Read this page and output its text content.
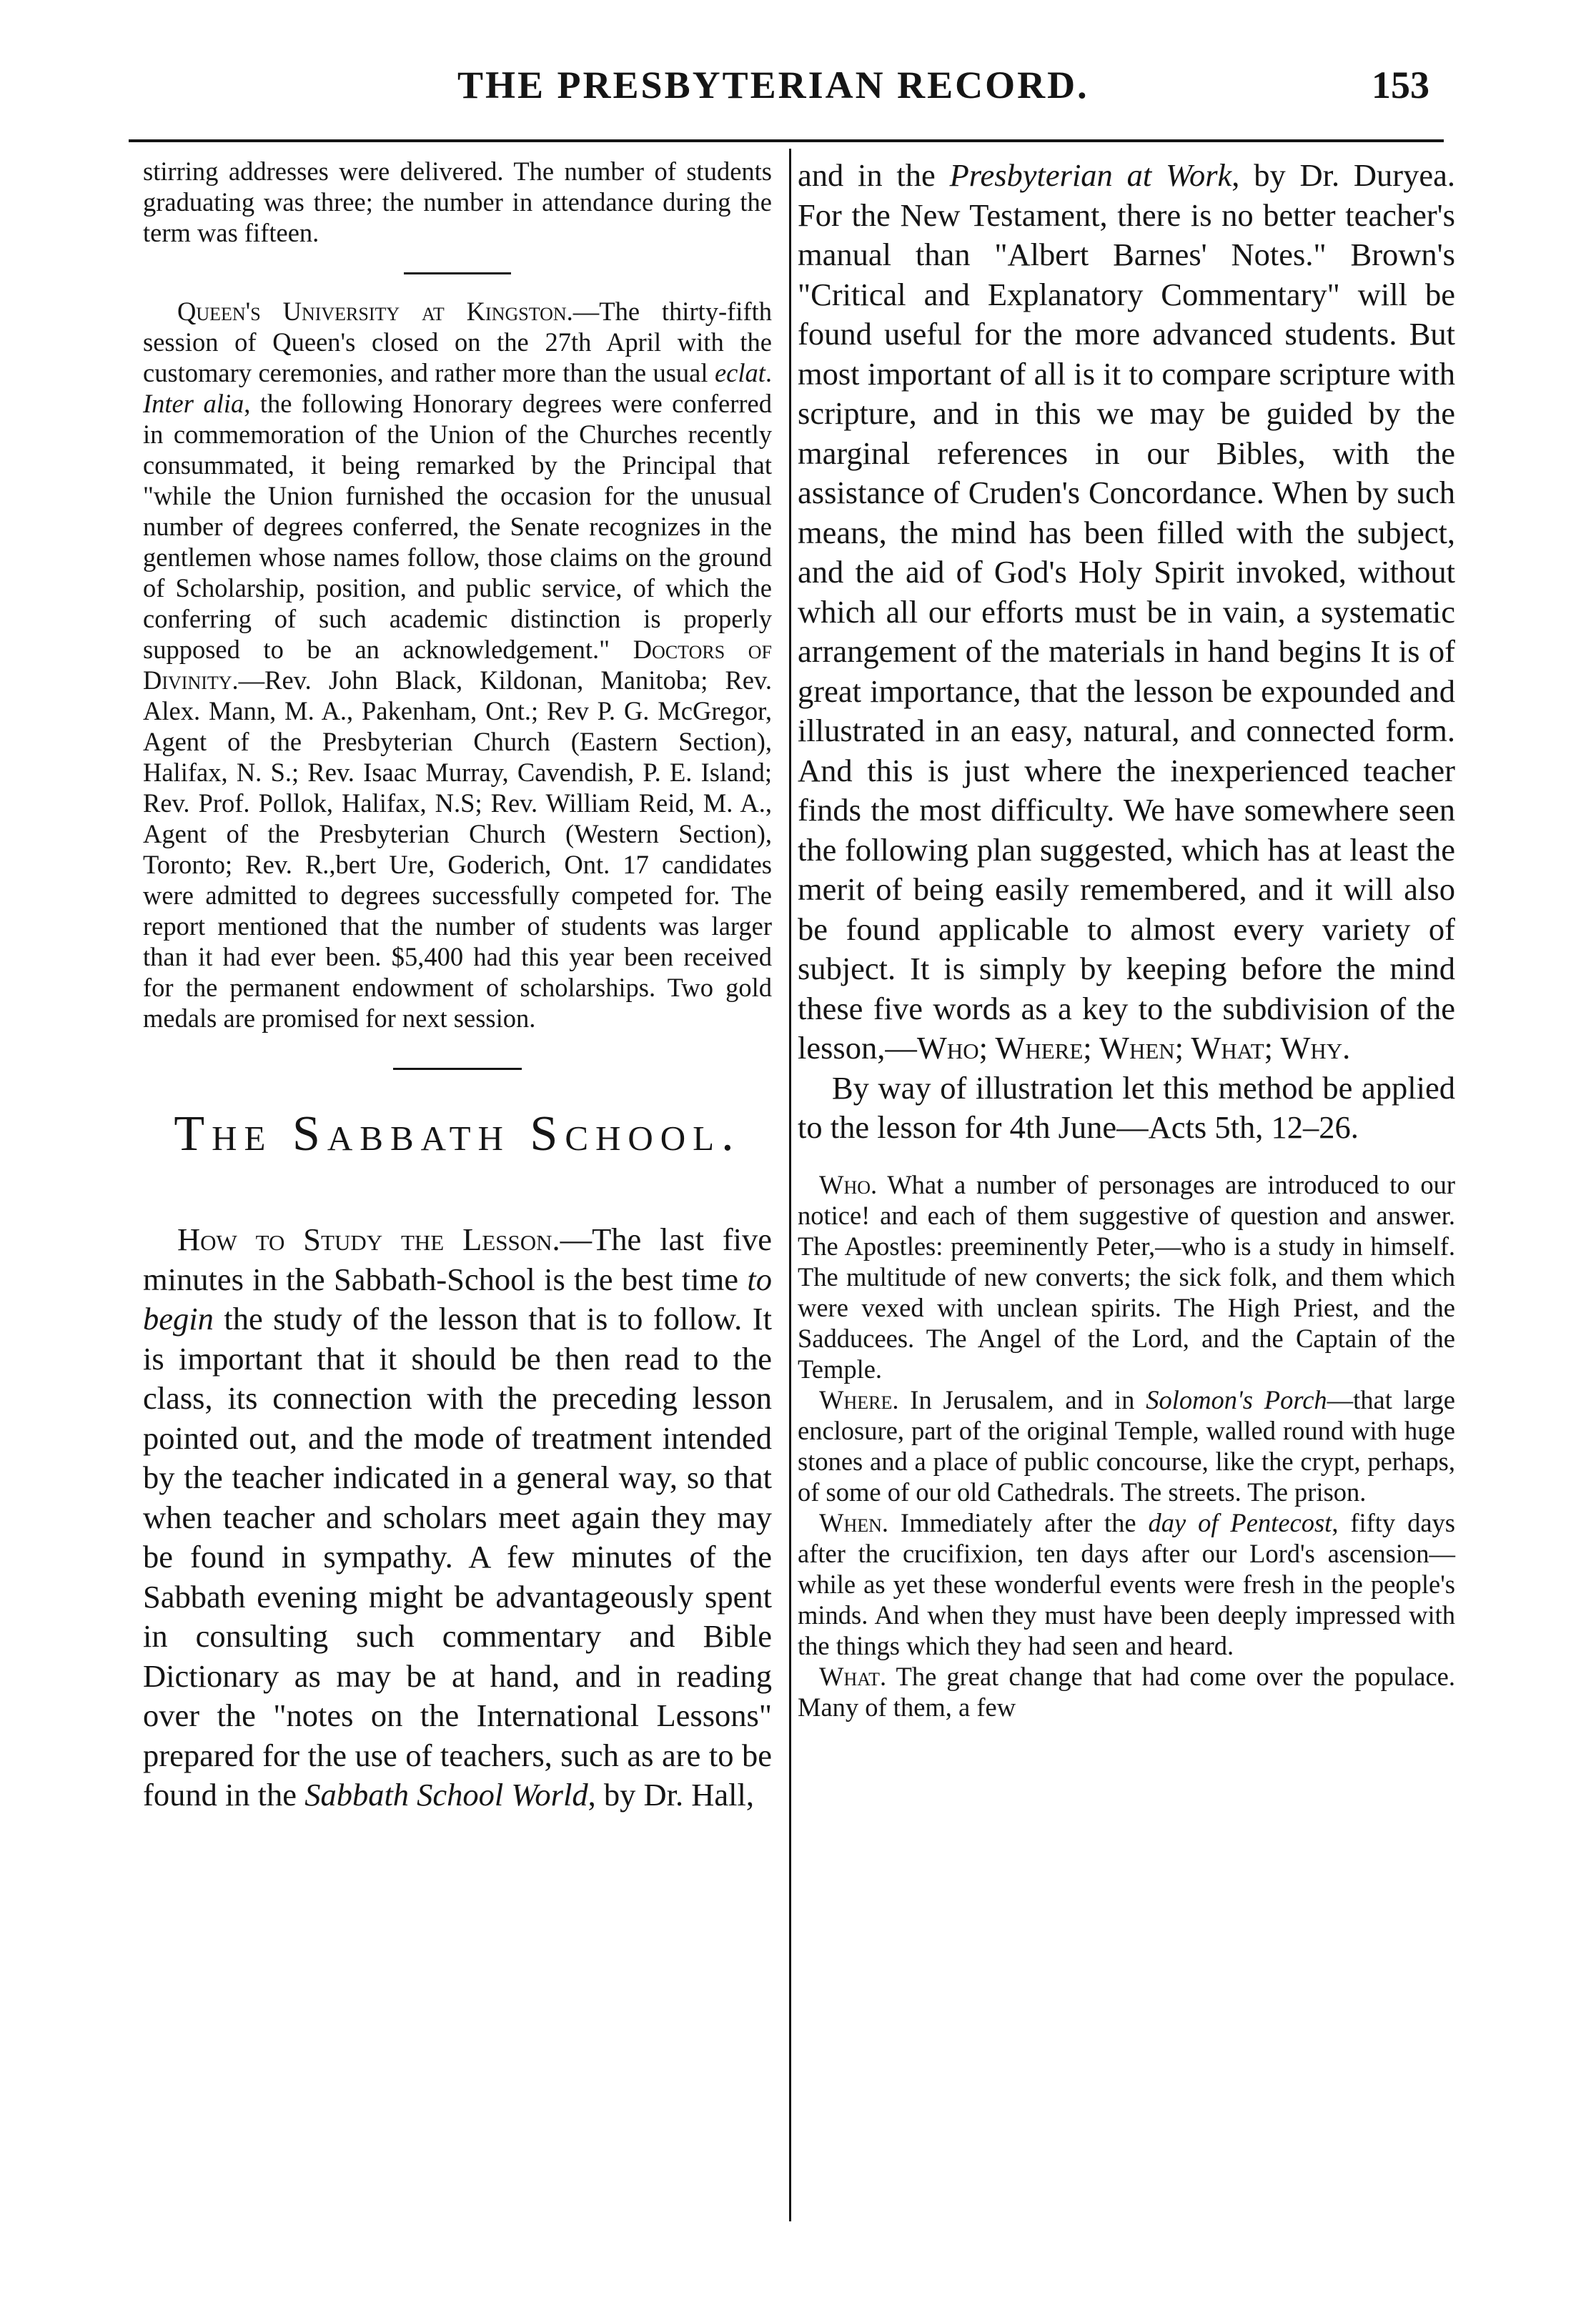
THE PRESBYTERIAN RECORD.	153

stirring addresses were delivered. The number of students graduating was three; the number in attendance during the term was fifteen.

Queen's University at Kingston.—The thirty-fifth session of Queen's closed on the 27th April with the customary ceremonies, and rather more than the usual eclat. Inter alia, the following Honorary degrees were conferred in commemoration of the Union of the Churches recently consummated, it being remarked by the Principal that "while the Union furnished the occasion for the unusual number of degrees conferred, the Senate recognizes in the gentlemen whose names follow, those claims on the ground of Scholarship, position, and public service, of which the conferring of such academic distinction is properly supposed to be an acknowledgement." Doctors of Divinity.—Rev. John Black, Kildonan, Manitoba; Rev. Alex. Mann, M. A., Pakenham, Ont.; Rev P. G. McGregor, Agent of the Presbyterian Church (Eastern Section), Halifax, N. S.; Rev. Isaac Murray, Cavendish, P. E. Island; Rev. Prof. Pollok, Halifax, N.S; Rev. William Reid, M. A., Agent of the Presbyterian Church (Western Section), Toronto; Rev. R.,bert Ure, Goderich, Ont. 17 candidates were admitted to degrees successfully competed for. The report mentioned that the number of students was larger than it had ever been. $5,400 had this year been received for the permanent endowment of scholarships. Two gold medals are promised for next session.

The Sabbath School.

How to Study the Lesson.—The last five minutes in the Sabbath-School is the best time to begin the study of the lesson that is to follow. It is important that it should be then read to the class, its connection with the preceding lesson pointed out, and the mode of treatment intended by the teacher indicated in a general way, so that when teacher and scholars meet again they may be found in sympathy. A few minutes of the Sabbath evening might be advantageously spent in consulting such commentary and Bible Dictionary as may be at hand, and in reading over the "notes on the International Lessons" prepared for the use of teachers, such as are to be found in the Sabbath School World, by Dr. Hall,

and in the Presbyterian at Work, by Dr. Duryea. For the New Testament, there is no better teacher's manual than "Albert Barnes' Notes." Brown's "Critical and Explanatory Commentary" will be found useful for the more advanced students. But most important of all is it to compare scripture with scripture, and in this we may be guided by the marginal references in our Bibles, with the assistance of Cruden's Concordance. When by such means, the mind has been filled with the subject, and the aid of God's Holy Spirit invoked, without which all our efforts must be in vain, a systematic arrangement of the materials in hand begins It is of great importance, that the lesson be expounded and illustrated in an easy, natural, and connected form. And this is just where the inexperienced teacher finds the most difficulty. We have somewhere seen the following plan suggested, which has at least the merit of being easily remembered, and it will also be found applicable to almost every variety of subject. It is simply by keeping before the mind these five words as a key to the subdivision of the lesson,—Who; Where; When; What; Why.

By way of illustration let this method be applied to the lesson for 4th June—Acts 5th, 12–26.

Who. What a number of personages are introduced to our notice! and each of them suggestive of question and answer. The Apostles: preeminently Peter,—who is a study in himself. The multitude of new converts; the sick folk, and them which were vexed with unclean spirits. The High Priest, and the Sadducees. The Angel of the Lord, and the Captain of the Temple.

Where. In Jerusalem, and in Solomon's Porch—that large enclosure, part of the original Temple, walled round with huge stones and a place of public concourse, like the crypt, perhaps, of some of our old Cathedrals. The streets. The prison.

When. Immediately after the day of Pentecost, fifty days after the crucifixion, ten days after our Lord's ascension—while as yet these wonderful events were fresh in the people's minds. And when they must have been deeply impressed with the things which they had seen and heard.

What. The great change that had come over the populace. Many of them, a few
